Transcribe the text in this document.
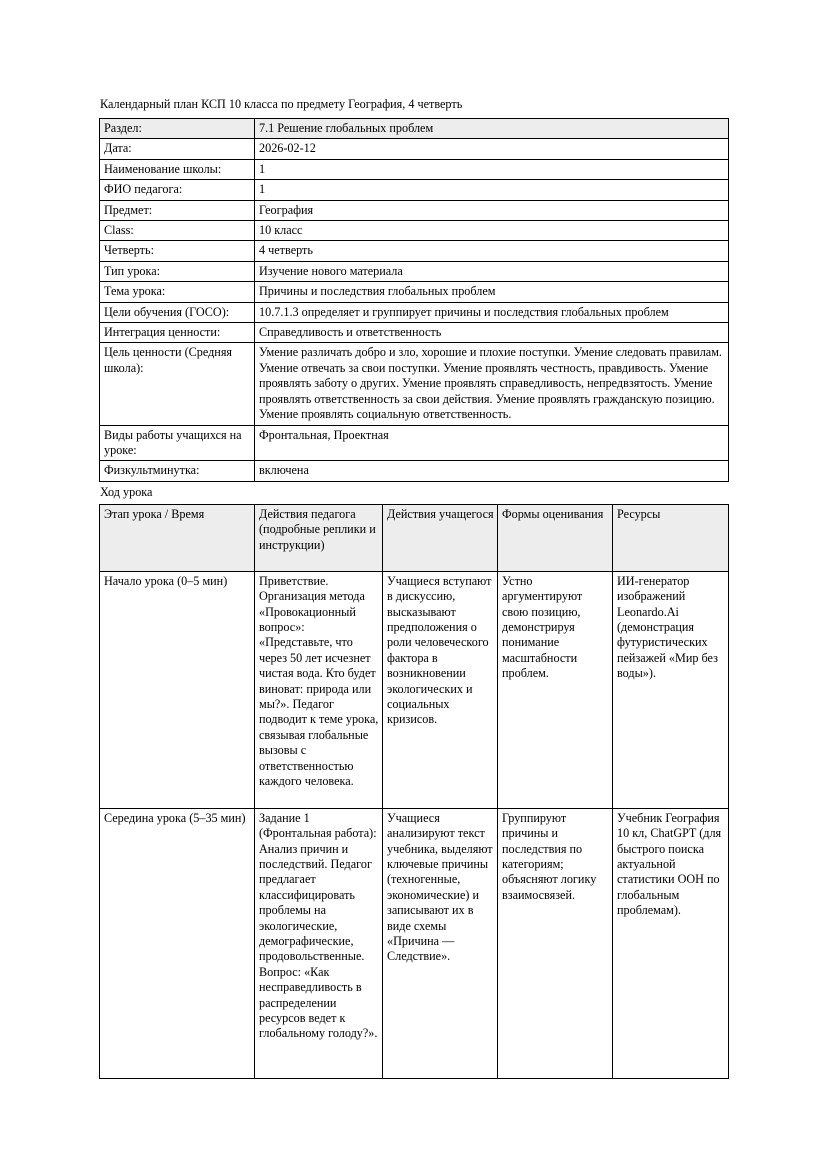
Календарный план КСП 10 класса по предмету География, 4 четверть
Раздел:	7.1 Решение глобальных проблем
Дата:	2026-02-12
Наименование школы:	1
ФИО педагога:	1
Предмет:	География
Class:	10 класс
Четверть:	4 четверть
Тип урока:	Изучение нового материала
Тема урока:	Причины и последствия глобальных проблем
Цели обучения (ГОСО):	10.7.1.3 определяет и группирует причины и последствия глобальных проблем
Интеграция ценности:	Справедливость и ответственность
Цель ценности (Средняя школа):	Умение различать добро и зло, хорошие и плохие поступки. Умение следовать правилам. Умение отвечать за свои поступки. Умение проявлять честность, правдивость. Умение проявлять заботу о других. Умение проявлять справедливость, непредвзятость. Умение проявлять ответственность за свои действия. Умение проявлять гражданскую позицию. Умение проявлять социальную ответственность.
Виды работы учащихся на уроке:	Фронтальная, Проектная
Физкультминутка:	включена
Ход урока
Этап урока / Время	Действия педагога (подробные реплики и инструкции)	Действия учащегося	Формы оценивания	Ресурсы
Начало урока (0–5 мин)	Приветствие. Организация метода «Провокационный вопрос»: «Представьте, что через 50 лет исчезнет чистая вода. Кто будет виноват: природа или мы?». Педагог подводит к теме урока, связывая глобальные вызовы с ответственностью каждого человека.	Учащиеся вступают в дискуссию, высказывают предположения о роли человеческого фактора в возникновении экологических и социальных кризисов.	Устно аргументируют свою позицию, демонстрируя понимание масштабности проблем.	ИИ-генератор изображений Leonardo.Ai (демонстрация футуристических пейзажей «Мир без воды»).
Середина урока (5–35 мин)	Задание 1 (Фронтальная работа): Анализ причин и последствий. Педагог предлагает классифицировать проблемы на экологические, демографические, продовольственные. Вопрос: «Как несправедливость в распределении ресурсов ведет к глобальному голоду?».	Учащиеся анализируют текст учебника, выделяют ключевые причины (техногенные, экономические) и записывают их в виде схемы «Причина — Следствие».	Группируют причины и последствия по категориям; объясняют логику взаимосвязей.	Учебник География 10 кл, ChatGPT (для быстрого поиска актуальной статистики ООН по глобальным проблемам).
